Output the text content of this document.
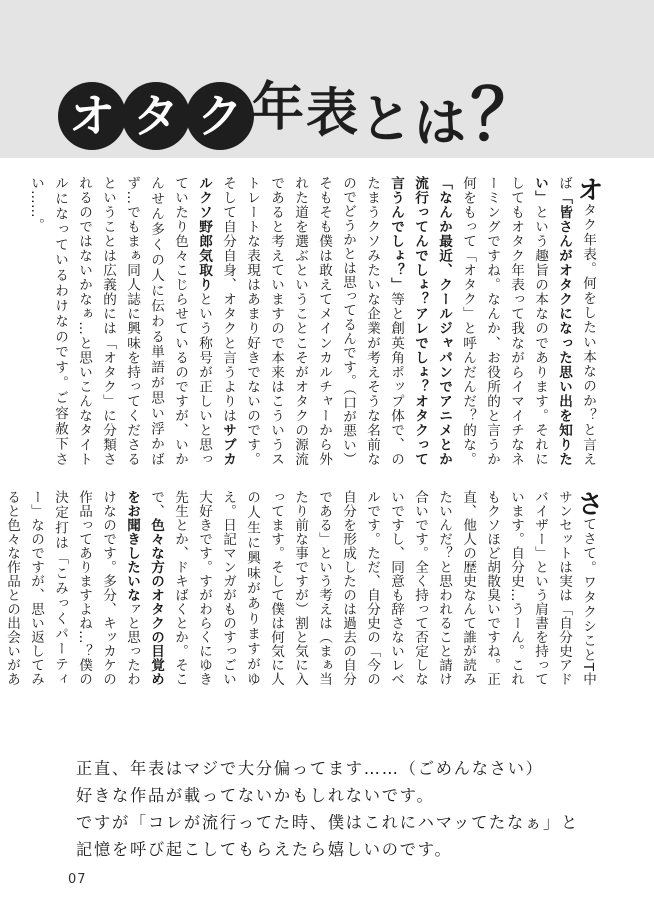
オ タ ク 年 表 と は ？

オタク年表。何をしたい本なのか？と言えば「皆さんがオタクになった思い出を知りたい」という趣旨の本なのであります。それにしてもオタク年表って我ながらイマイチなネーミングですね。なんか、お役所的と言うか何をもって「オタク」と呼んだんだ？的な。「なんか最近、クールジャパンでアニメとか流行ってんでしょ？アレでしょ？オタクって言うんでしょ？」等と創英角ポップ体で、のたまうクソみたいな企業が考えそうな名前なのでどうかとは思ってるんです。（口が悪い）そもそも僕は敢えてメインカルチャーから外れた道を選ぶということこそがオタクの源流であると考えていますので本来はこういうストレートな表現はあまり好きでないのです。そして自分自身、オタクと言うよりはサブカルクソ野郎気取りという称号が正しいと思っていたり色々こじらせているのですが、いかんせん多くの人に伝わる単語が思い浮かばず…でもまぁ同人誌に興味を持ってくださるということは広義的には「オタク」に分類されるのではないかなぁ…と思いこんなタイトルになっているわけなのです。ご容赦下さい……。

さてさて。ワタクシことT中サンセットは実は「自分史アドバイザー」という肩書を持っています。自分史…うーん。これもクソほど胡散臭いですね。正直、他人の歴史なんて誰が読みたいんだ？と思われること請け合いです。全く持って否定しないですし、同意も辞さないレベルです。ただ、自分史の「今の自分を形成したのは過去の自分である」という考えは（まぁ当たり前な事ですが）割と気に入ってます。そして僕は何気に人の人生に興味がありますがゆえ。日記マンガがものすっごい大好きです。すがわらくにゆき先生とか、ドキばくとか。そこで、色々な方のオタクの目覚めをお聞きしたいなァと思ったわけなのです。多分、キッカケの作品ってありますよね…？僕の決定打は「こみっくパーティー」なのですが、思い返してみると色々な作品との出会いがあ

正直、年表はマジで大分偏ってます……（ごめんなさい）
好きな作品が載ってないかもしれないです。
ですが「コレが流行ってた時、僕はこれにハマッてたなぁ」と
記憶を呼び起こしてもらえたら嬉しいのです。
07
